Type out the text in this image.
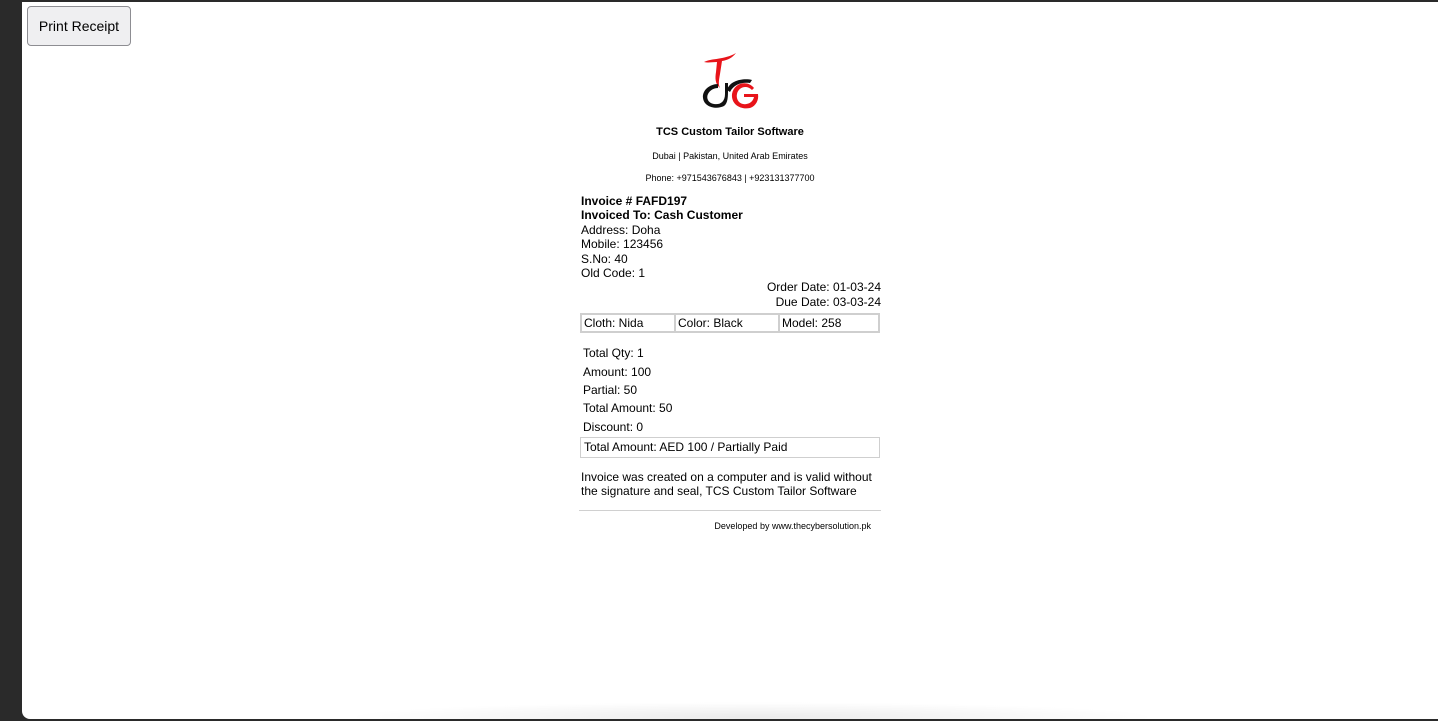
Print Receipt
TCS Custom Tailor Software
Dubai | Pakistan, United Arab Emirates
Phone: +971543676843 | +923131377700
Invoice # FAFD197
Invoiced To: Cash Customer
Address: Doha
Mobile: 123456
S.No: 40
Old Code: 1
Order Date: 01-03-24
Due Date: 03-03-24
Cloth: Nida	Color: Black	Model: 258
Total Qty: 1
Amount: 100
Partial: 50
Total Amount: 50
Discount: 0
Total Amount: AED 100 / Partially Paid
Invoice was created on a computer and is valid without the signature and seal, TCS Custom Tailor Software
Developed by www.thecybersolution.pk
